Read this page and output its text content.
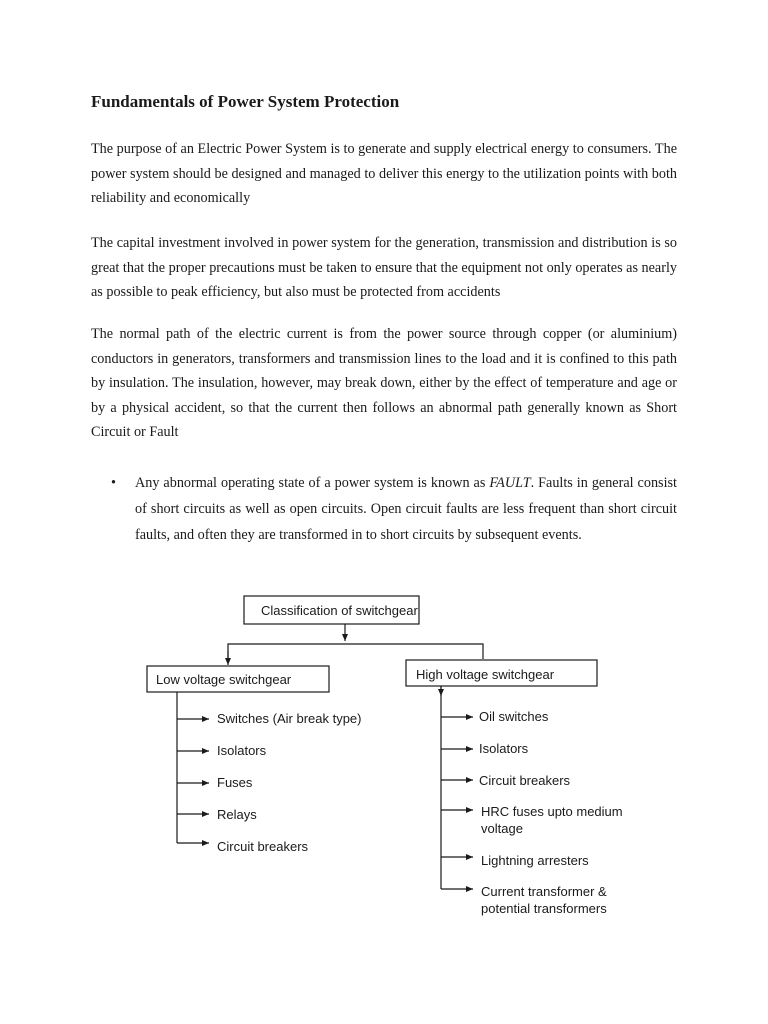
Fundamentals of Power System Protection

The purpose of an Electric Power System is to generate and supply electrical energy to consumers. The power system should be designed and managed to deliver this energy to the utilization points with both reliability and economically

The capital investment involved in power system for the generation, transmission and distribution is so great that the proper precautions must be taken to ensure that the equipment not only operates as nearly as possible to peak efficiency, but also must be protected from accidents

The normal path of the electric current is from the power source through copper (or aluminium) conductors in generators, transformers and transmission lines to the load and it is confined to this path by insulation. The insulation, however, may break down, either by the effect of temperature and age or by a physical accident, so that the current then follows an abnormal path generally known as Short Circuit or Fault

• Any abnormal operating state of a power system is known as FAULT. Faults in general consist of short circuits as well as open circuits. Open circuit faults are less frequent than short circuit faults, and often they are transformed in to short circuits by subsequent events.

Classification of switchgear
Low voltage switchgear	High voltage switchgear
Switches (Air break type)
Isolators
Fuses
Relays
Circuit breakers
Oil switches
Isolators
Circuit breakers
HRC fuses upto medium
voltage
Lightning arresters
Current transformer &
potential transformers
